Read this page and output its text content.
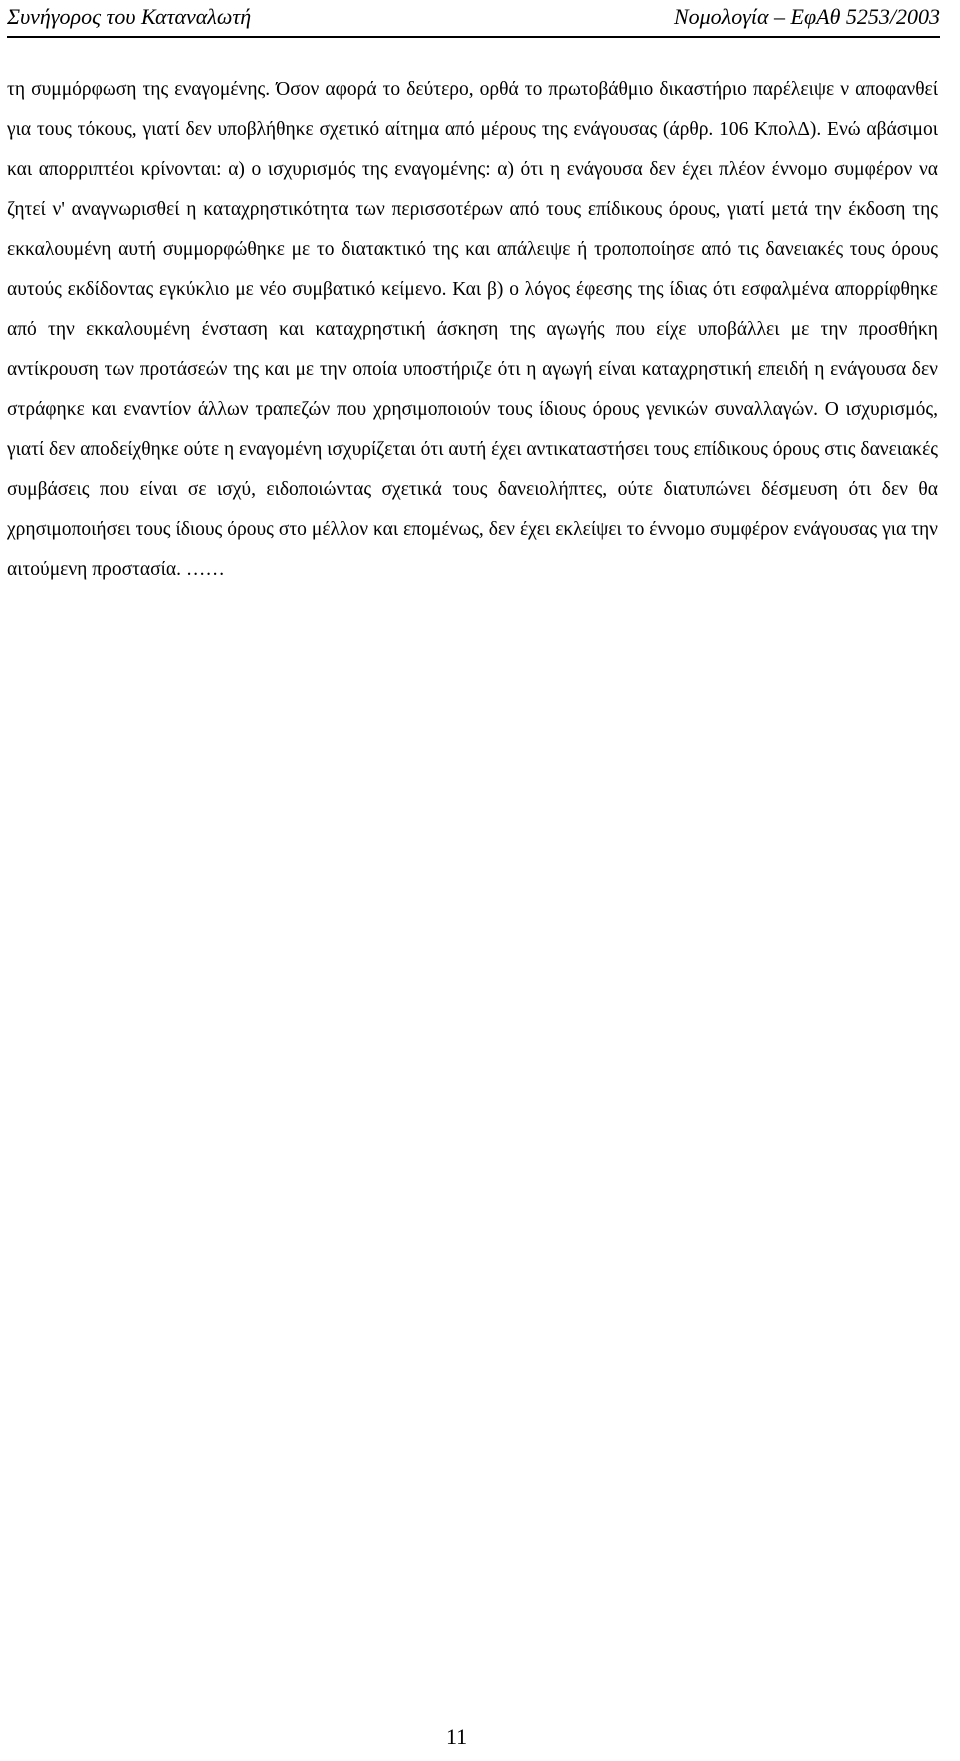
Συνήγορος του Καταναλωτή	Νομολογία – ΕφΑθ 5253/2003

τη συμμόρφωση της εναγομένης. Όσον αφορά το δεύτερο, ορθά το πρωτοβάθμιο δικαστήριο παρέλειψε ν αποφανθεί για τους τόκους, γιατί δεν υποβλήθηκε σχετικό αίτημα από μέρους της ενάγουσας (άρθρ. 106 ΚπολΔ). Ενώ αβάσιμοι και απορριπτέοι κρίνονται: α) ο ισχυρισμός της εναγομένης: α) ότι η ενάγουσα δεν έχει πλέον έννομο συμφέρον να ζητεί ν' αναγνωρισθεί η καταχρηστικότητα των περισσοτέρων από τους επίδικους όρους, γιατί μετά την έκδοση της εκκαλουμένη αυτή συμμορφώθηκε με το διατακτικό της και απάλειψε ή τροποποίησε από τις δανειακές τους όρους αυτούς εκδίδοντας εγκύκλιο με νέο συμβατικό κείμενο. Και β) ο λόγος έφεσης της ίδιας ότι εσφαλμένα απορρίφθηκε από την εκκαλουμένη ένσταση και καταχρηστική άσκηση της αγωγής που είχε υποβάλλει με την προσθήκη αντίκρουση των προτάσεών της και με την οποία υποστήριζε ότι η αγωγή είναι καταχρηστική επειδή η ενάγουσα δεν στράφηκε και εναντίον άλλων τραπεζών που χρησιμοποιούν τους ίδιους όρους γενικών συναλλαγών. Ο ισχυρισμός, γιατί δεν αποδείχθηκε ούτε η εναγομένη ισχυρίζεται ότι αυτή έχει αντικαταστήσει τους επίδικους όρους στις δανειακές συμβάσεις που είναι σε ισχύ, ειδοποιώντας σχετικά τους δανειολήπτες, ούτε διατυπώνει δέσμευση ότι δεν θα χρησιμοποιήσει τους ίδιους όρους στο μέλλον και επομένως, δεν έχει εκλείψει το έννομο συμφέρον ενάγουσας για την αιτούμενη προστασία. ……

11
